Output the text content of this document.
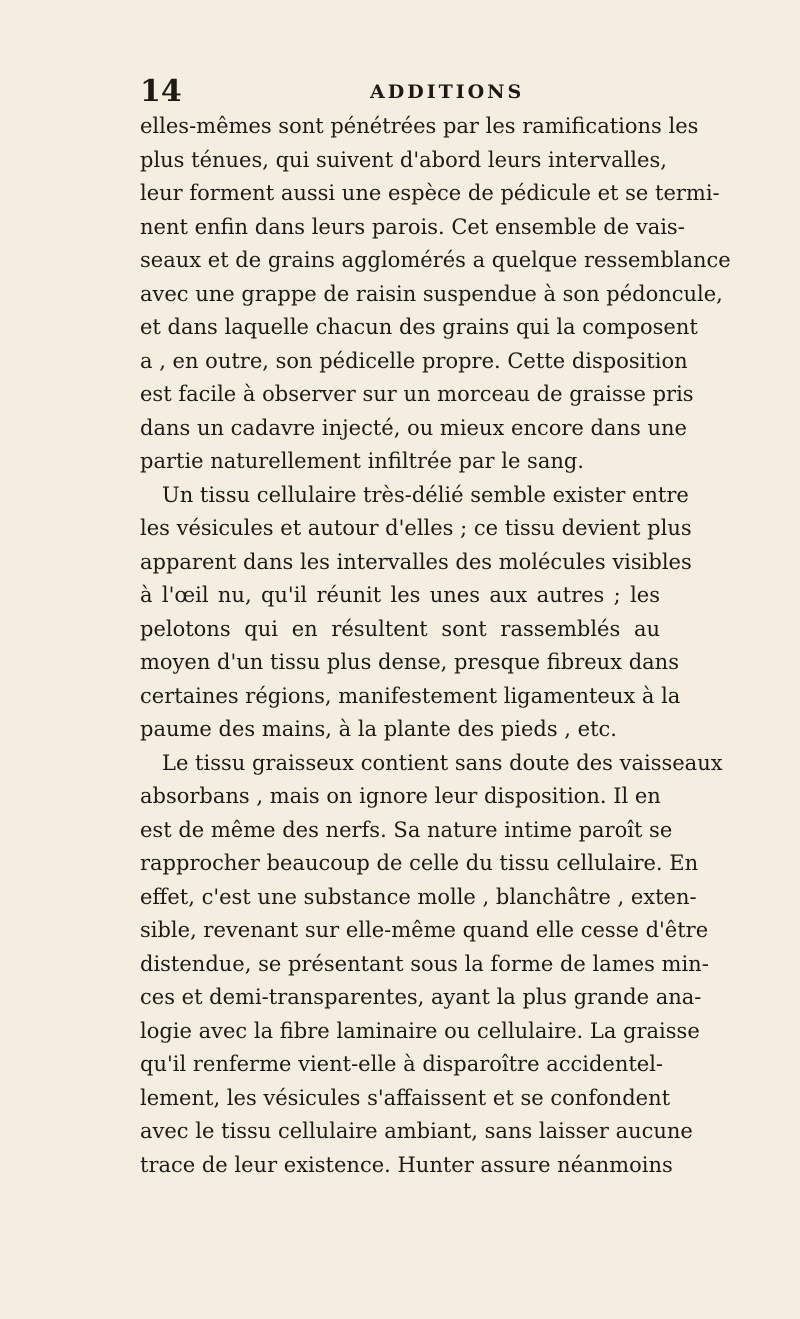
14	ADDITIONS
elles-mêmes sont pénétrées par les ramifications les
plus ténues, qui suivent d'abord leurs intervalles,
leur forment aussi une espèce de pédicule et se termi-
nent enfin dans leurs parois. Cet ensemble de vais-
seaux et de grains agglomérés a quelque ressemblance
avec une grappe de raisin suspendue à son pédoncule,
et dans laquelle chacun des grains qui la composent
a , en outre, son pédicelle propre. Cette disposition
est facile à observer sur un morceau de graisse pris
dans un cadavre injecté, ou mieux encore dans une
partie naturellement infiltrée par le sang.
Un tissu cellulaire très-délié semble exister entre
les vésicules et autour d'elles ; ce tissu devient plus
apparent dans les intervalles des molécules visibles
à l'œil nu, qu'il réunit les unes aux autres ; les
pelotons qui en résultent sont rassemblés au
moyen d'un tissu plus dense, presque fibreux dans
certaines régions, manifestement ligamenteux à la
paume des mains, à la plante des pieds , etc.
Le tissu graisseux contient sans doute des vaisseaux
absorbans , mais on ignore leur disposition. Il en
est de même des nerfs. Sa nature intime paroît se
rapprocher beaucoup de celle du tissu cellulaire. En
effet, c'est une substance molle , blanchâtre , exten-
sible, revenant sur elle-même quand elle cesse d'être
distendue, se présentant sous la forme de lames min-
ces et demi-transparentes, ayant la plus grande ana-
logie avec la fibre laminaire ou cellulaire. La graisse
qu'il renferme vient-elle à disparoître accidentel-
lement, les vésicules s'affaissent et se confondent
avec le tissu cellulaire ambiant, sans laisser aucune
trace de leur existence. Hunter assure néanmoins
